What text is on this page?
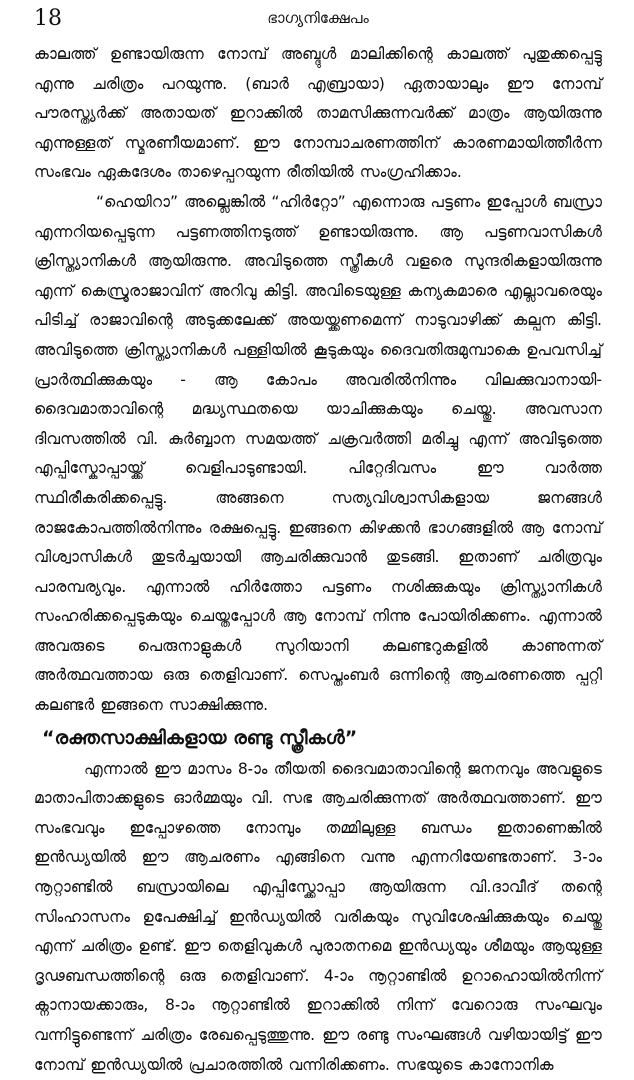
18	ഭാഗ്യനിക്ഷേപം

കാലത്ത് ഉണ്ടായിരുന്ന നോമ്പ് അബ്ദുൾ മാലിക്കിന്റെ കാലത്ത് പുതുക്കപ്പെട്ടു എന്നു ചരിത്രം പറയുന്നു. (ബാർ എബ്രായാ) ഏതായാലും ഈ നോമ്പ് പൗരസ്ത്യർക്ക് അതായത് ഇറാക്കിൽ താമസിക്കുന്നവർക്ക് മാത്രം ആയിരുന്നു എന്നുള്ളത് സ്മരണീയമാണ്. ഈ നോമ്പാചരണത്തിന് കാരണമായിത്തീർന്ന സംഭവം ഏകദേശം താഴെപ്പറയുന്ന രീതിയിൽ സംഗ്രഹിക്കാം.

“ഹെയിറാ” അല്ലെങ്കിൽ “ഹിർറ്റോ” എന്നൊരു പട്ടണം ഇപ്പോൾ ബസ്രാ എന്നറിയപ്പെടുന്ന പട്ടണത്തിനടുത്ത് ഉണ്ടായിരുന്നു. ആ പട്ടണവാസികൾ ക്രിസ്ത്യാനികൾ ആയിരുന്നു. അവിടുത്തെ സ്ത്രീകൾ വളരെ സുന്ദരികളായിരുന്നു എന്ന് കെസ്രൂരാജാവിന് അറിവു കിട്ടി. അവിടെയുള്ള കന്യകമാരെ എല്ലാവരെയും പിടിച്ച് രാജാവിന്റെ അടുക്കലേക്ക് അയയ്ക്കണമെന്ന് നാടുവാഴിക്ക് കല്പന കിട്ടി. അവിടുത്തെ ക്രിസ്ത്യാനികൾ പള്ളിയിൽ കൂടുകയും ദൈവതിരുമുമ്പാകെ ഉപവസിച്ച് പ്രാർത്ഥിക്കുകയും - ആ കോപം അവരിൽനിന്നും വിലക്കുവാനായി-ദൈവമാതാവിന്റെ മദ്ധ്യസ്ഥതയെ യാചിക്കുകയും ചെയ്തു. അവസാന ദിവസത്തിൽ വി. കുർബ്ബാന സമയത്ത് ചക്രവർത്തി മരിച്ചു എന്ന് അവിടുത്തെ എപ്പിസ്കോപ്പായ്ക്ക് വെളിപാടുണ്ടായി. പിറ്റേദിവസം ഈ വാർത്ത സ്ഥിരീകരിക്കപ്പെട്ടു. അങ്ങനെ സത്യവിശ്വാസികളായ ജനങ്ങൾ രാജകോപത്തിൽനിന്നും രക്ഷപ്പെട്ടു. ഇങ്ങനെ കിഴക്കൻ ഭാഗങ്ങളിൽ ആ നോമ്പ് വിശ്വാസികൾ തുടർച്ചയായി ആചരിക്കുവാൻ തുടങ്ങി. ഇതാണ് ചരിത്രവും പാരമ്പര്യവും. എന്നാൽ ഹിർത്തോ പട്ടണം നശിക്കുകയും ക്രിസ്ത്യാനികൾ സംഹരിക്കപ്പെടുകയും ചെയ്തപ്പോൾ ആ നോമ്പ് നിന്നു പോയിരിക്കണം. എന്നാൽ അവരുടെ പെരുനാളുകൾ സുറിയാനി കലണ്ടറുകളിൽ കാണുന്നത് അർത്ഥവത്തായ ഒരു തെളിവാണ്. സെപ്തംബർ ഒന്നിന്റെ ആചരണത്തെ പ്പറ്റി കലണ്ടർ ഇങ്ങനെ സാക്ഷിക്കുന്നു.

“രക്തസാക്ഷികളായ രണ്ടു സ്ത്രീകൾ”

എന്നാൽ ഈ മാസം 8-ാം തീയതി ദൈവമാതാവിന്റെ ജനനവും അവളുടെ മാതാപിതാക്കളുടെ ഓർമ്മയും വി. സഭ ആചരിക്കുന്നത് അർത്ഥവത്താണ്. ഈ സംഭവവും ഇപ്പോഴത്തെ നോമ്പും തമ്മിലുള്ള ബന്ധം ഇതാണെങ്കിൽ ഇൻഡ്യയിൽ ഈ ആചരണം എങ്ങിനെ വന്നു എന്നറിയേണ്ടതാണ്. 3-ാം നൂറ്റാണ്ടിൽ ബസ്രായിലെ എപ്പിസ്ക്കോപ്പാ ആയിരുന്ന വി.ദാവീദ് തന്റെ സിംഹാസനം ഉപേക്ഷിച്ച് ഇൻഡ്യയിൽ വരികയും സുവിശേഷിക്കുകയും ചെയ്തു എന്ന് ചരിത്രം ഉണ്ട്. ഈ തെളിവുകൾ പുരാതനമെ ഇൻഡ്യയും ശീമയും ആയുള്ള ദൃഢബന്ധത്തിന്റെ ഒരു തെളിവാണ്. 4-ാം നൂറ്റാണ്ടിൽ ഉറാഹൊയിൽനിന്ന് ക്നാനായക്കാരും, 8-ാം നൂറ്റാണ്ടിൽ ഇറാക്കിൽ നിന്ന് വേറൊരു സംഘവും വന്നിട്ടുണ്ടെന്ന് ചരിത്രം രേഖപ്പെടുത്തുന്നു. ഈ രണ്ടു സംഘങ്ങൾ വഴിയായിട്ട് ഈ നോമ്പ് ഇൻഡ്യയിൽ പ്രചാരത്തിൽ വന്നിരിക്കണം. സഭയുടെ കാനോനിക
